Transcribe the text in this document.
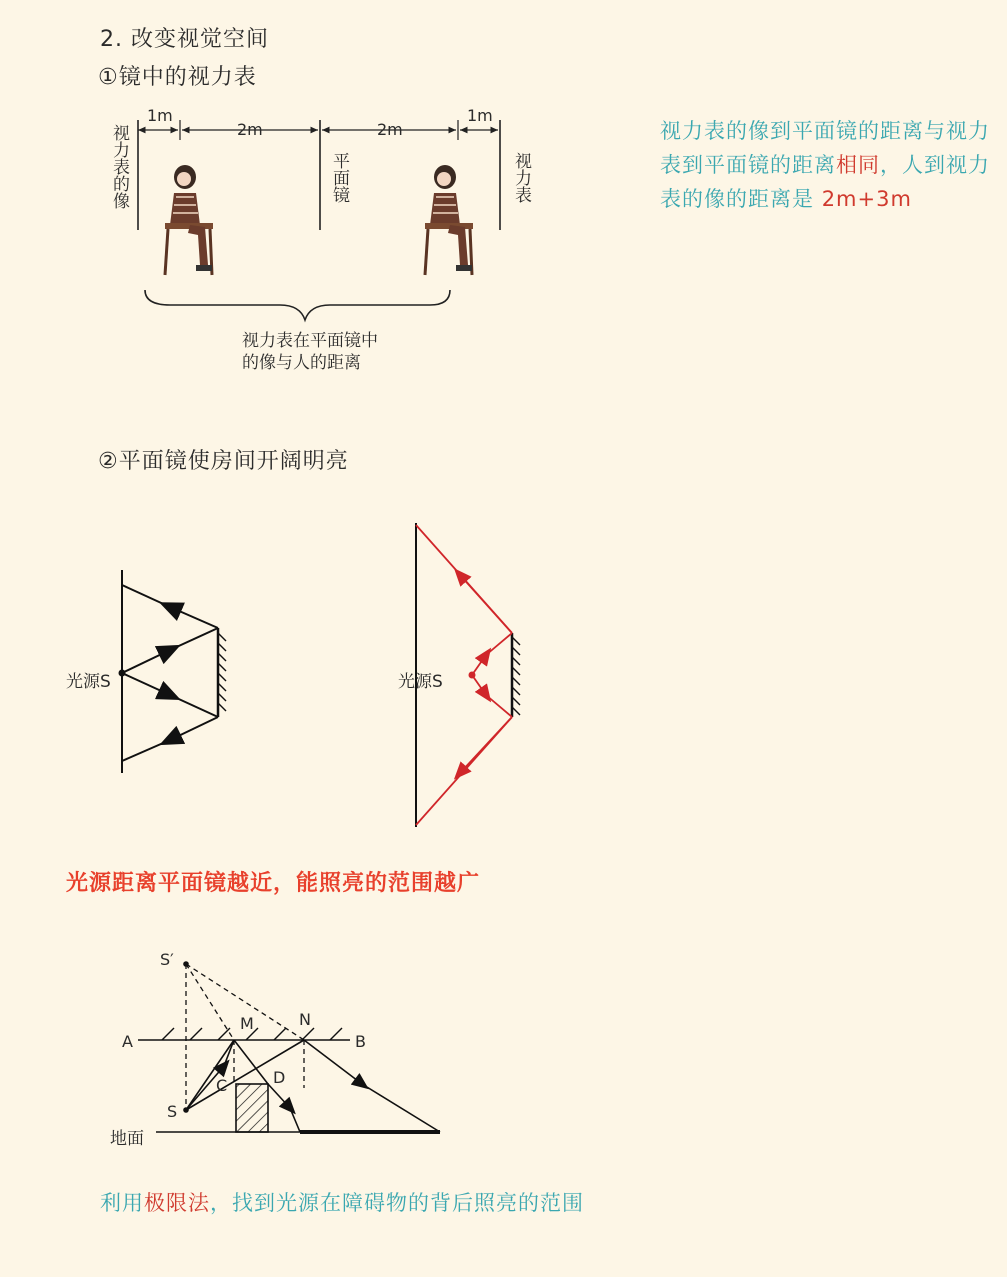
2. 改变视觉空间
①镜中的视力表
1m
2m	2m
1m
视力表的像	平面镜	视力表
视力表在平面镜中
的像与人的距离
视力表的像到平面镜的距离与视力表到平面镜的距离相同，人到视力表的像的距离是 2m+3m
②平面镜使房间开阔明亮
光源S	光源S
光源距离平面镜越近，能照亮的范围越广
S′
M	N
A	B
C	D
S
地面
利用极限法，找到光源在障碍物的背后照亮的范围
